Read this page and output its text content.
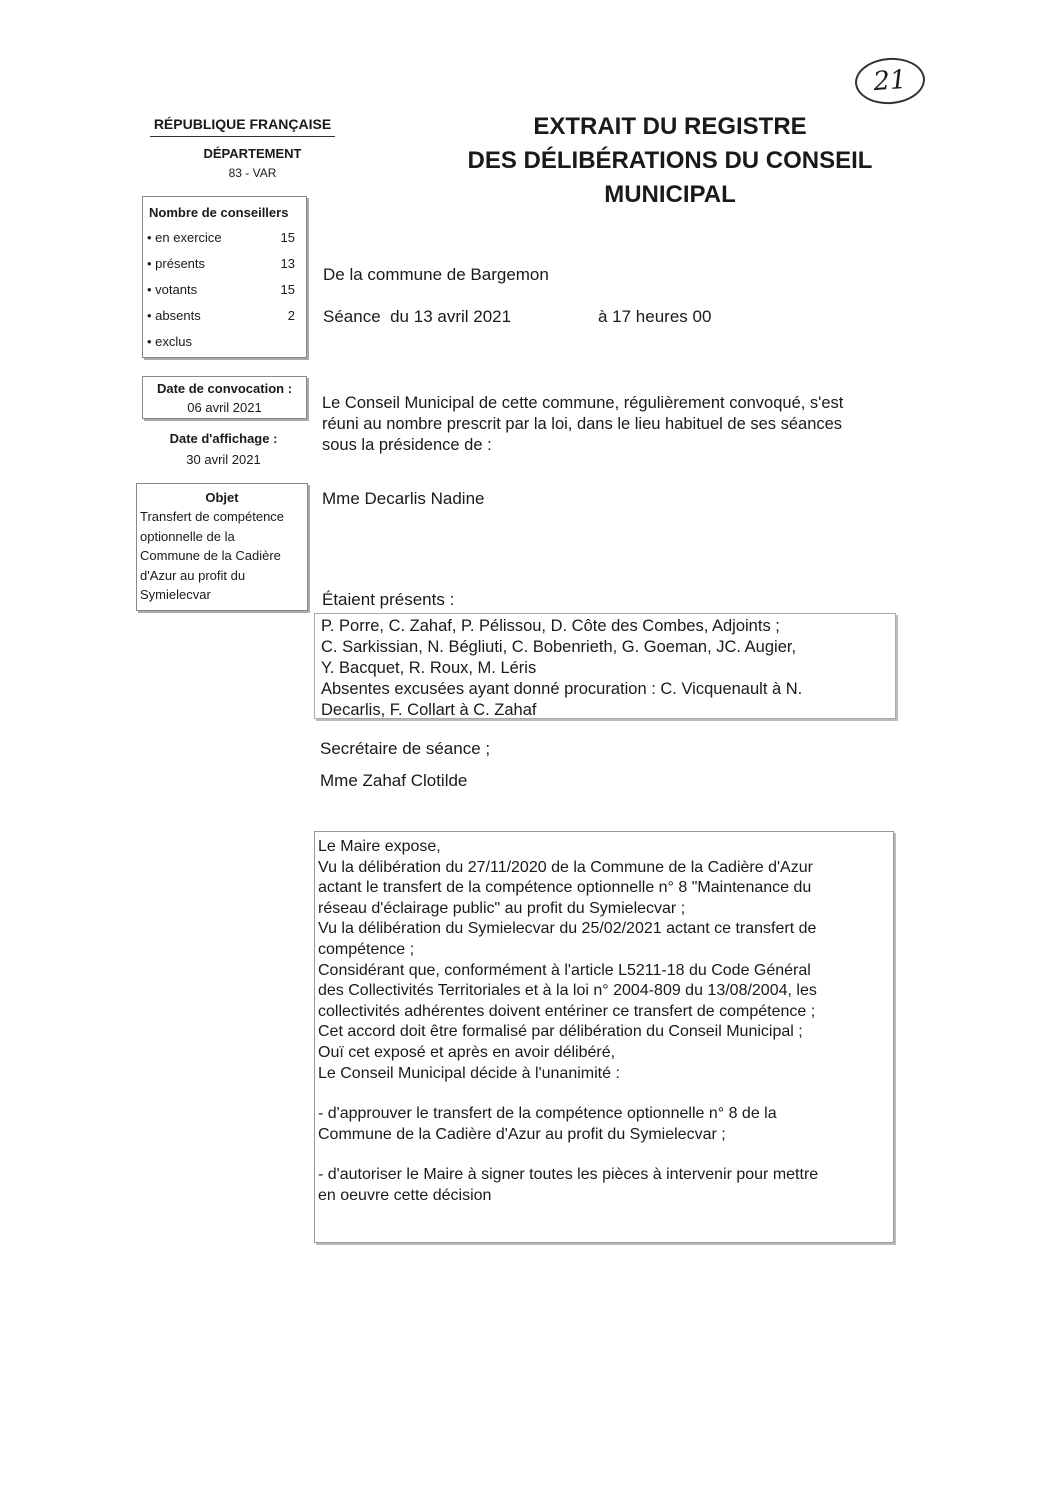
21
RÉPUBLIQUE FRANÇAISE
DÉPARTEMENT
83 - VAR
EXTRAIT DU REGISTRE
DES DÉLIBÉRATIONS DU CONSEIL
MUNICIPAL
Nombre de conseillers
• en exercice	15
• présents	13
• votants	15
• absents	2
• exclus
De la commune de Bargemon
Séance  du 13 avril 2021	à 17 heures 00
Date de convocation :
06 avril 2021
Date d'affichage :
30 avril 2021
Le Conseil Municipal de cette commune, régulièrement convoqué, s'est
réuni au nombre prescrit par la loi, dans le lieu habituel de ses séances
sous la présidence de :
Mme Decarlis Nadine
Objet
Transfert de compétence
optionnelle de la
Commune de la Cadière
d'Azur au profit du
Symielecvar	Étaient présents :
P. Porre, C. Zahaf, P. Pélissou, D. Côte des Combes, Adjoints ;
C. Sarkissian, N. Bégliuti, C. Bobenrieth, G. Goeman, JC. Augier,
Y. Bacquet, R. Roux, M. Léris
Absentes excusées ayant donné procuration : C. Vicquenault à N.
Decarlis, F. Collart à C. Zahaf
Secrétaire de séance ;
Mme Zahaf Clotilde
Le Maire expose,
Vu la délibération du 27/11/2020 de la Commune de la Cadière d'Azur
actant le transfert de la compétence optionnelle n° 8 "Maintenance du
réseau d'éclairage public" au profit du Symielecvar ;
Vu la délibération du Symielecvar du 25/02/2021 actant ce transfert de
compétence ;
Considérant que, conformément à l'article L5211-18 du Code Général
des Collectivités Territoriales et à la loi n° 2004-809 du 13/08/2004, les
collectivités adhérentes doivent entériner ce transfert de compétence ;
Cet accord doit être formalisé par délibération du Conseil Municipal ;
Ouï cet exposé et après en avoir délibéré,
Le Conseil Municipal décide à l'unanimité :
- d'approuver le transfert de la compétence optionnelle n° 8 de la
Commune de la Cadière d'Azur au profit du Symielecvar ;
- d'autoriser le Maire à signer toutes les pièces à intervenir pour mettre
en oeuvre cette décision
